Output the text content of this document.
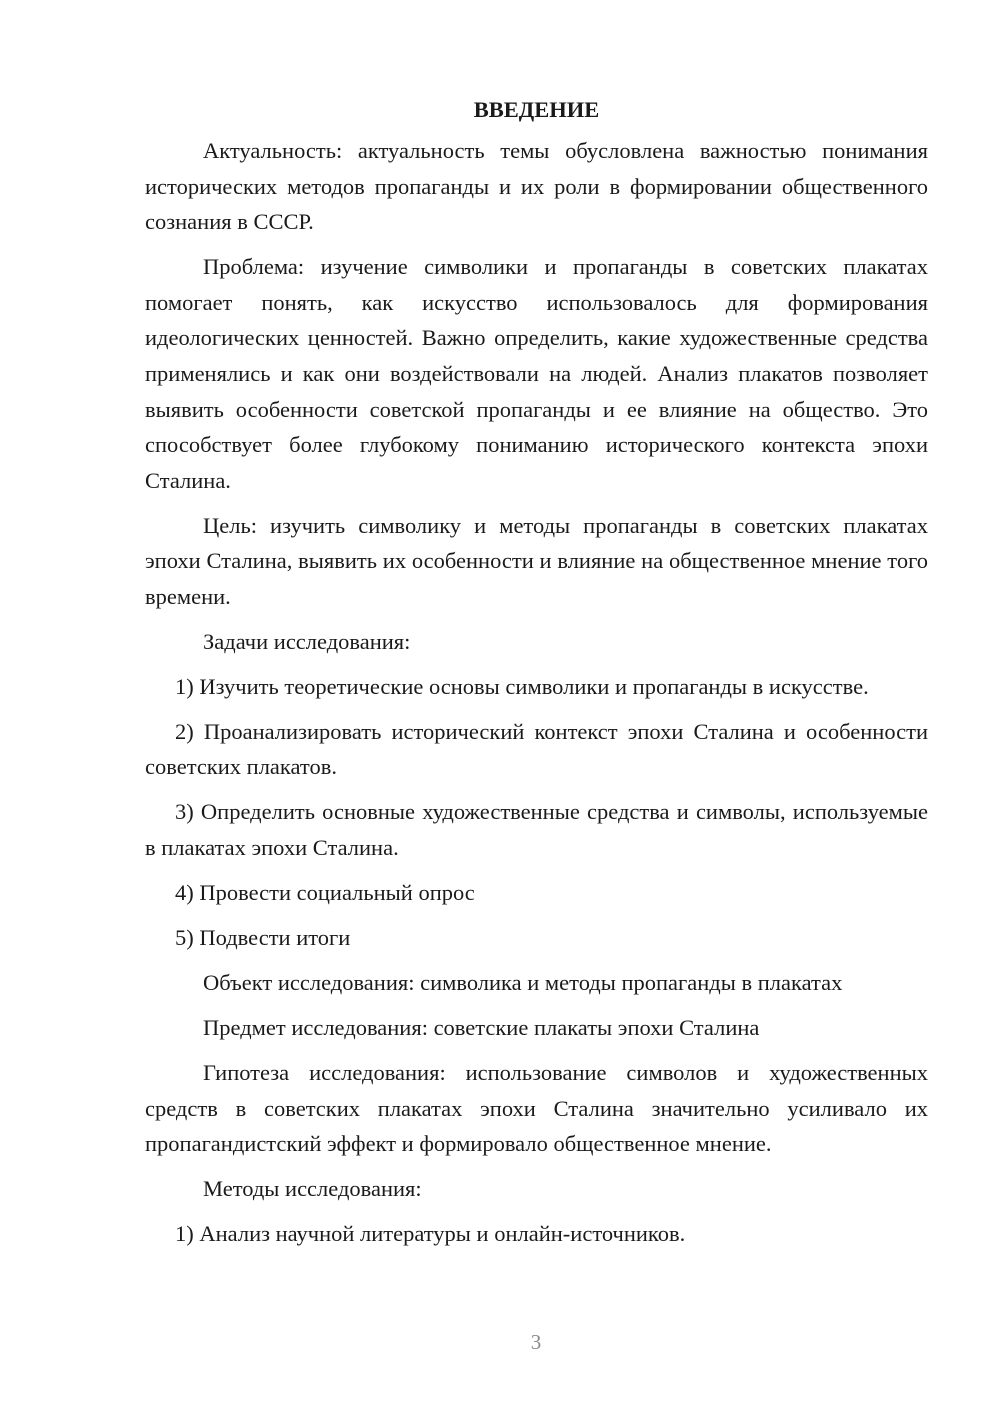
ВВЕДЕНИЕ

Актуальность: актуальность темы обусловлена важностью понимания исторических методов пропаганды и их роли в формировании общественного сознания в СССР.

Проблема: изучение символики и пропаганды в советских плакатах помогает понять, как искусство использовалось для формирования идеологических ценностей. Важно определить, какие художественные средства применялись и как они воздействовали на людей. Анализ плакатов позволяет выявить особенности советской пропаганды и ее влияние на общество. Это способствует более глубокому пониманию исторического контекста эпохи Сталина.

Цель: изучить символику и методы пропаганды в советских плакатах эпохи Сталина, выявить их особенности и влияние на общественное мнение того времени.

Задачи исследования:

1) Изучить теоретические основы символики и пропаганды в искусстве.

2) Проанализировать исторический контекст эпохи Сталина и особенности советских плакатов.

3) Определить основные художественные средства и символы, используемые в плакатах эпохи Сталина.

4) Провести социальный опрос

5) Подвести итоги

Объект исследования: символика и методы пропаганды в плакатах

Предмет исследования: советские плакаты эпохи Сталина

Гипотеза исследования: использование символов и художественных средств в советских плакатах эпохи Сталина значительно усиливало их пропагандистский эффект и формировало общественное мнение.

Методы исследования:

1) Анализ научной литературы и онлайн-источников.

3
